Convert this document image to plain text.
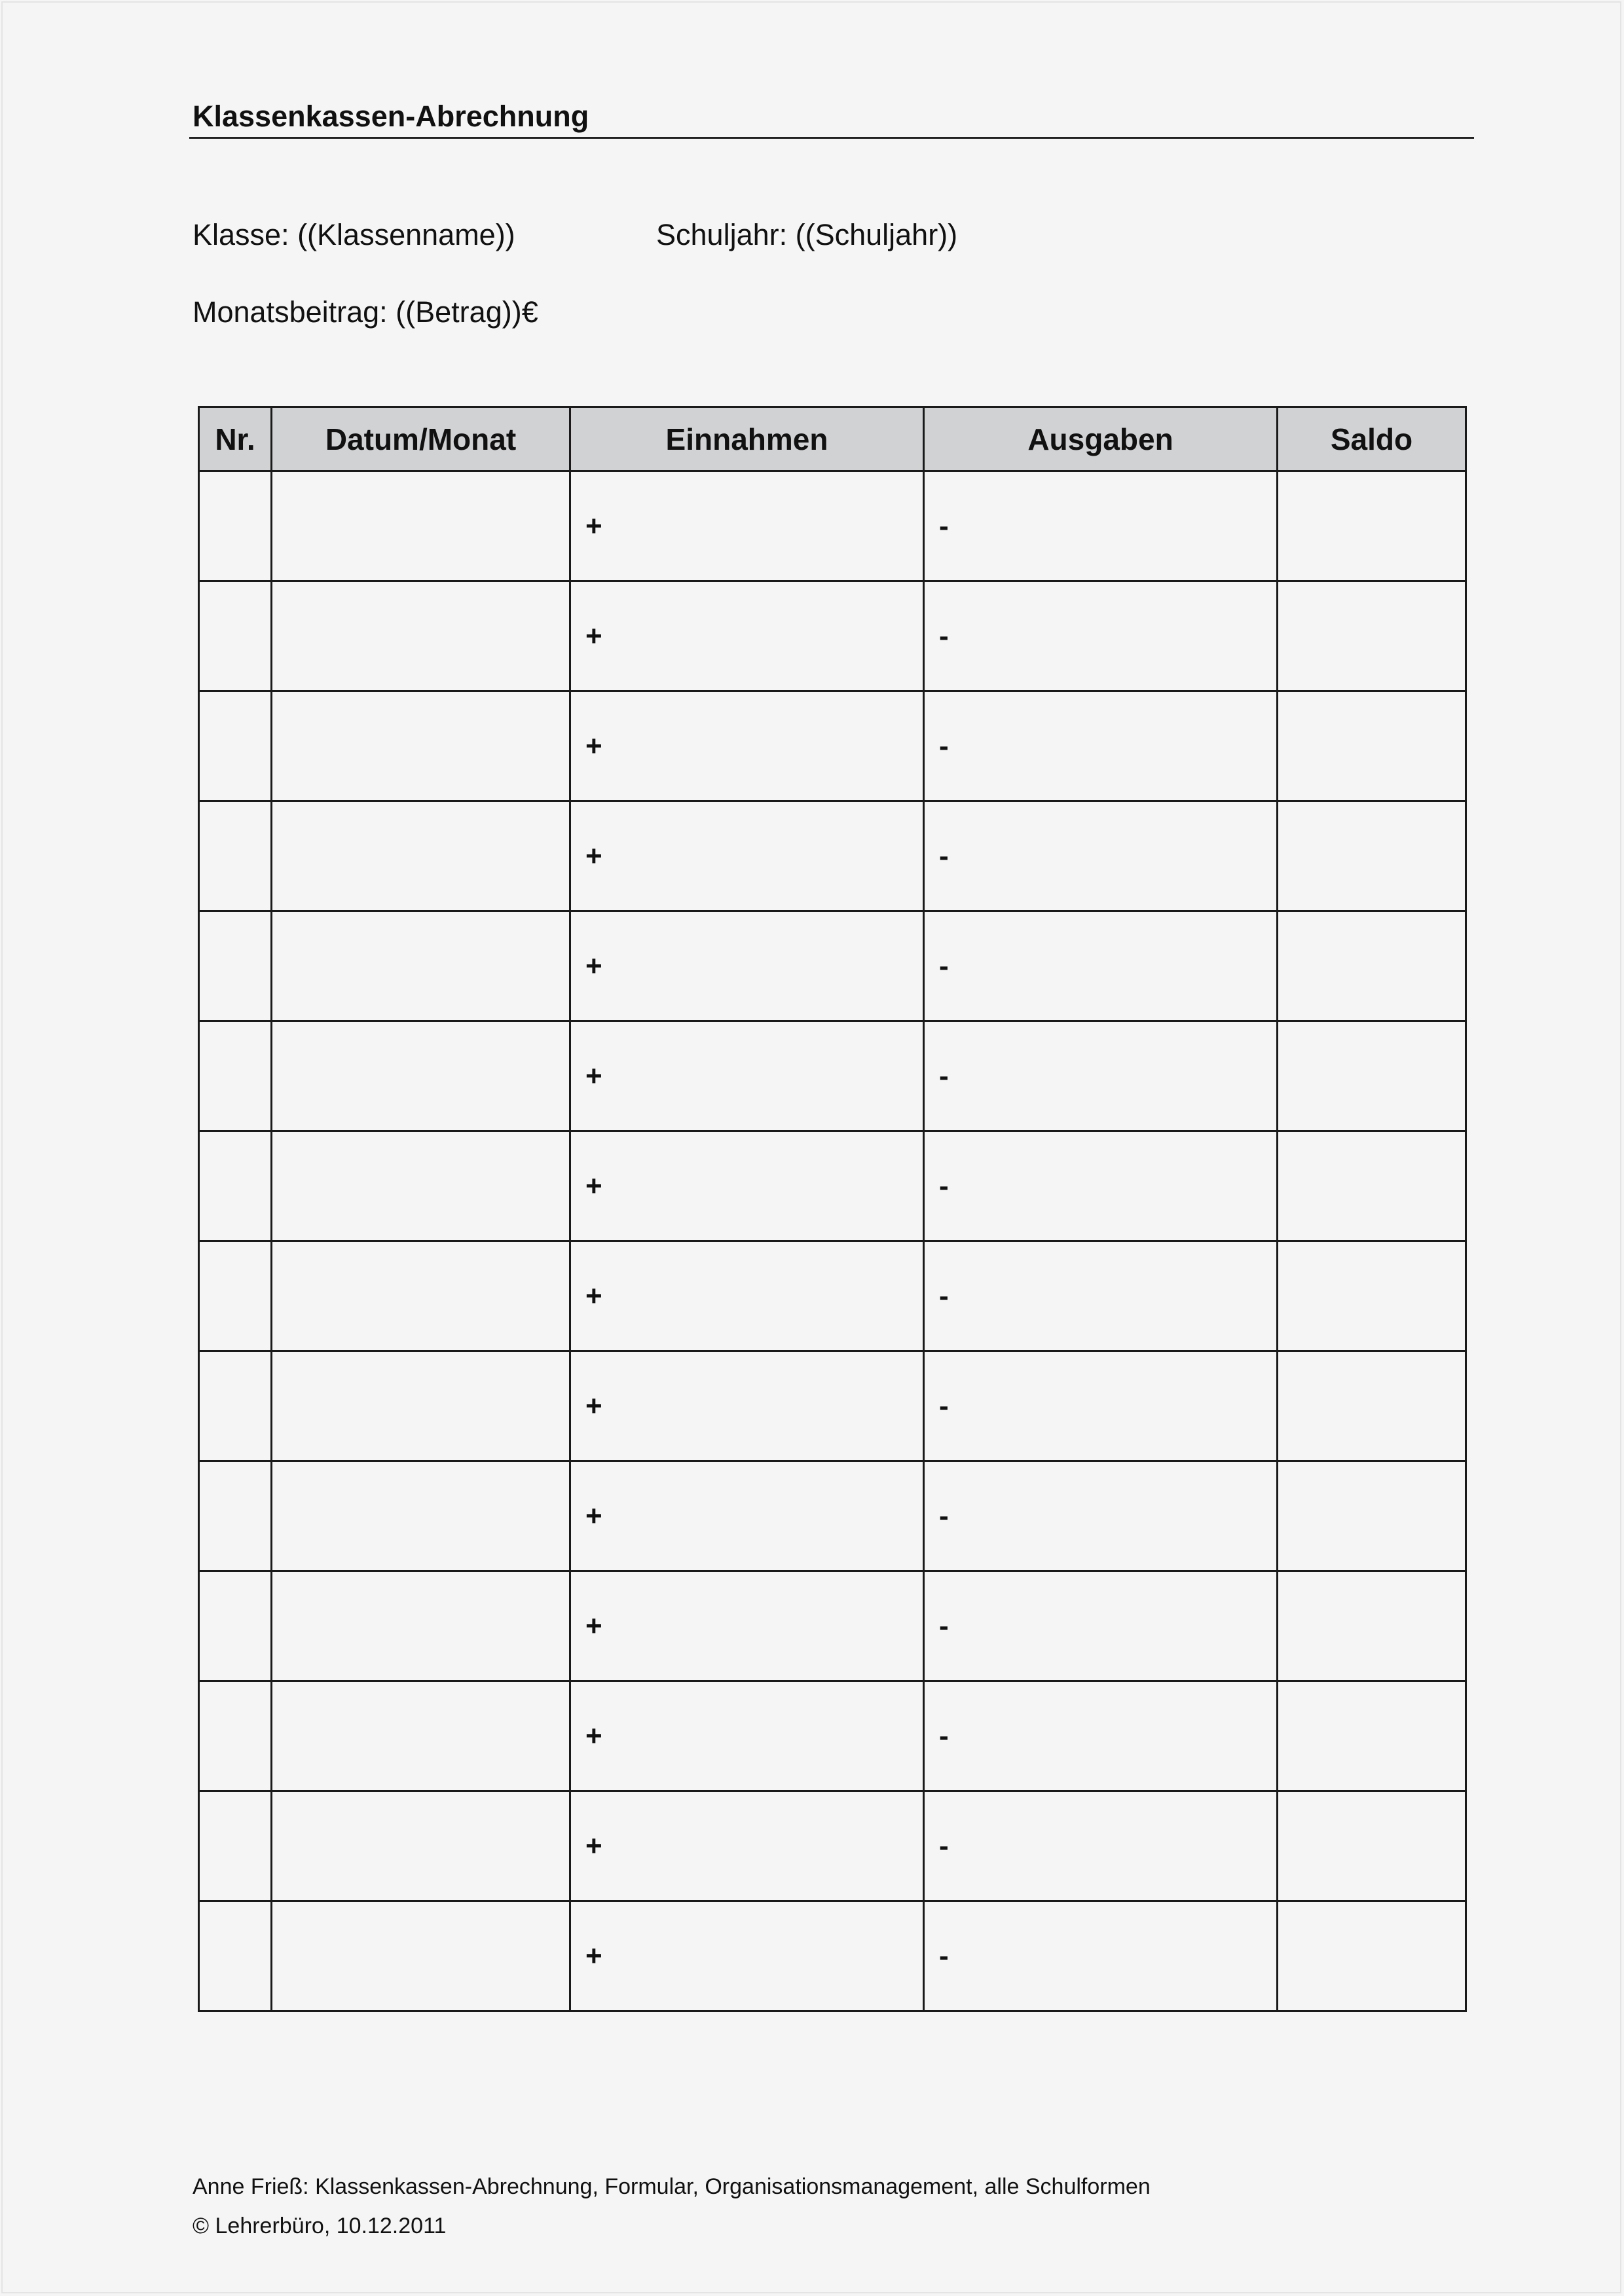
Klassenkassen-Abrechnung
Klasse: ((Klassenname))	Schuljahr: ((Schuljahr))
Monatsbeitrag: ((Betrag))€
Nr.	Datum/Monat	Einnahmen	Ausgaben	Saldo
		+	-	
		+	-	
		+	-	
		+	-	
		+	-	
		+	-	
		+	-	
		+	-	
		+	-	
		+	-	
		+	-	
		+	-	
		+	-	
		+	-	
Anne Frieß: Klassenkassen-Abrechnung, Formular, Organisationsmanagement, alle Schulformen
© Lehrerbüro, 10.12.2011
